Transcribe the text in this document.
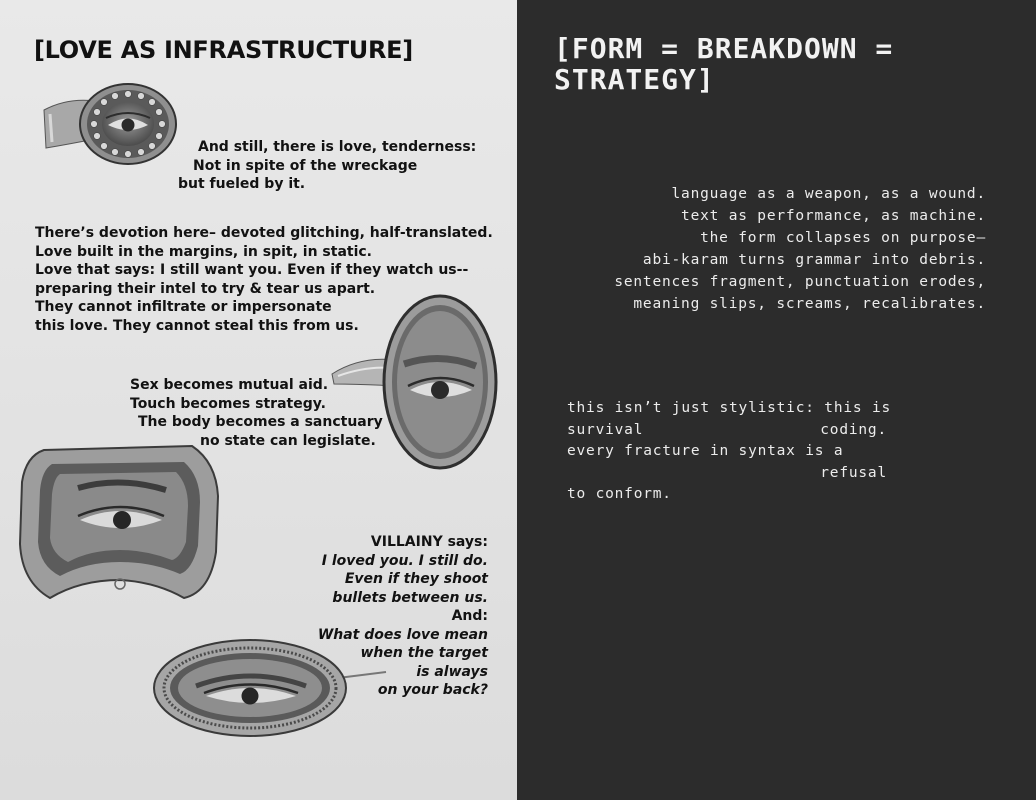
[LOVE AS INFRASTRUCTURE]
And still, there is love, tenderness:
Not in spite of the wreckage
but fueled by it.
There’s devotion here– devoted glitching, half-translated.
Love built in the margins, in spit, in static.
Love that says: I still want you. Even if they watch us--
preparing their intel to try & tear us apart.
They cannot infiltrate or impersonate
this love. They cannot steal this from us.
Sex becomes mutual aid.
Touch becomes strategy.
The body becomes a sanctuary
no state can legislate.
VILLAINY says:
I loved you. I still do.
Even if they shoot
bullets between us.
And:
What does love mean
when the target
is always
on your back?
[FORM = BREAKDOWN =
STRATEGY]
language as a weapon, as a wound.
text as performance, as machine.
the form collapses on purpose—
abi-karam turns grammar into debris.
sentences fragment, punctuation erodes,
meaning slips, screams, recalibrates.
this isn’t just stylistic: this is
survival	coding.
every fracture in syntax is a
refusal
to conform.
